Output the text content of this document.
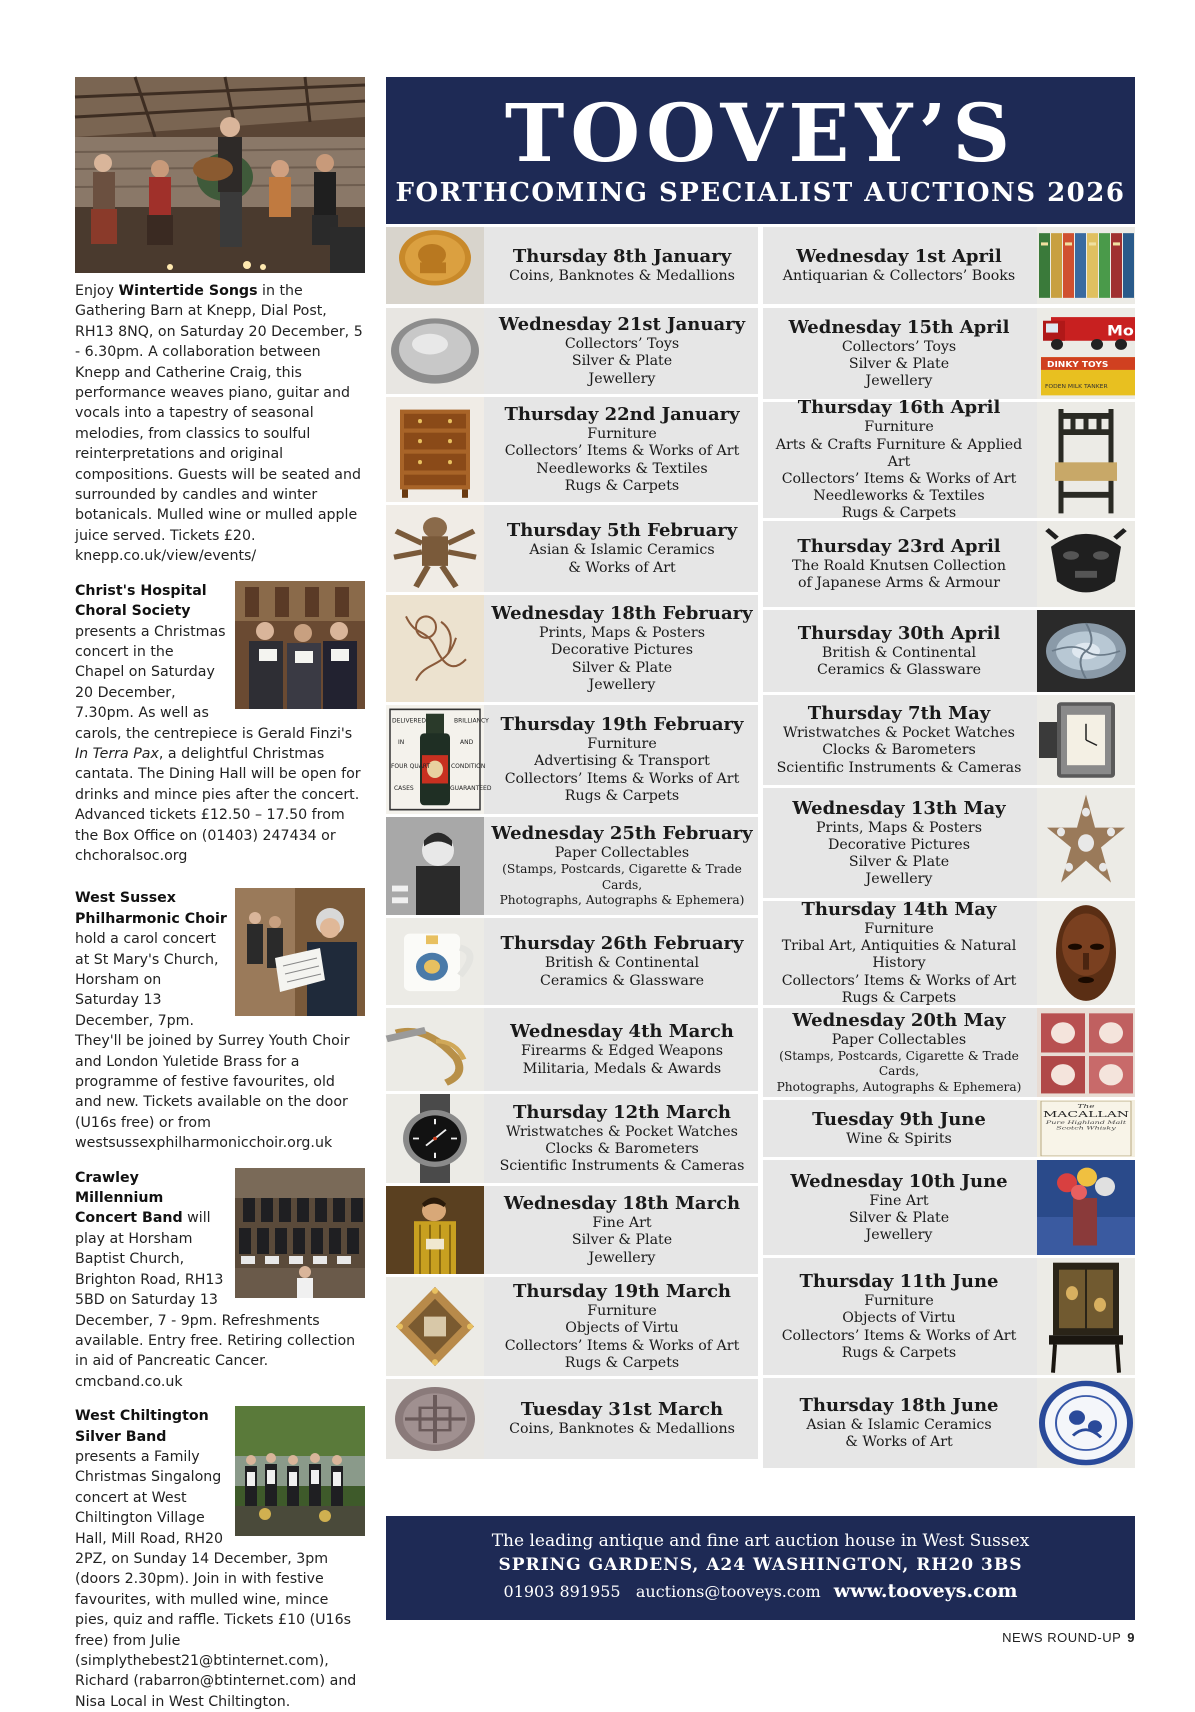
Enjoy Wintertide Songs in the Gathering Barn at Knepp, Dial Post, RH13 8NQ, on Saturday 20 December, 5 - 6.30pm. A collaboration between Knepp and Catherine Craig, this performance weaves piano, guitar and vocals into a tapestry of seasonal melodies, from classics to soulful reinterpretations and original compositions. Guests will be seated and surrounded by candles and winter botanicals. Mulled wine or mulled apple juice served. Tickets £20. knepp.co.uk/view/events/

Christ's Hospital Choral Society presents a Christmas concert in the Chapel on Saturday 20 December, 7.30pm. As well as carols, the centrepiece is Gerald Finzi's In Terra Pax, a delightful Christmas cantata. The Dining Hall will be open for drinks and mince pies after the concert. Advanced tickets £12.50 – 17.50 from the Box Office on (01403) 247434 or chchoralsoc.org

West Sussex Philharmonic Choir hold a carol concert at St Mary's Church, Horsham on Saturday 13 December, 7pm. They'll be joined by Surrey Youth Choir and London Yuletide Brass for a programme of festive favourites, old and new. Tickets available on the door (U16s free) or from westsussexphilharmonicchoir.org.uk

Crawley Millennium Concert Band will play at Horsham Baptist Church, Brighton Road, RH13 5BD on Saturday 13 December, 7 - 9pm. Refreshments available. Entry free. Retiring collection in aid of Pancreatic Cancer. cmcband.co.uk

West Chiltington Silver Band presents a Family Christmas Singalong concert at West Chiltington Village Hall, Mill Road, RH20 2PZ, on Sunday 14 December, 3pm (doors 2.30pm). Join in with festive favourites, with mulled wine, mince pies, quiz and raffle. Tickets £10 (U16s free) from Julie (simplythebest21@btinternet.com), Richard (rabarron@btinternet.com) and Nisa Local in West Chiltington.

TOOVEY’S
FORTHCOMING SPECIALIST AUCTIONS 2026
Thursday 8th January
Coins, Banknotes & Medallions
Wednesday 21st January
Collectors’ Toys
Silver & Plate
Jewellery
Thursday 22nd January
Furniture
Collectors’ Items & Works of Art
Needleworks & Textiles
Rugs & Carpets
Thursday 5th February
Asian & Islamic Ceramics
& Works of Art
Wednesday 18th February
Prints, Maps & Posters
Decorative Pictures
Silver & Plate
Jewellery
DELIVERED	BRILLIANCY
IN	AND
FOUR QUART	CONDITION
CASES	GUARANTEED
Thursday 19th February
Furniture
Advertising & Transport
Collectors’ Items & Works of Art
Rugs & Carpets
Wednesday 25th February
Paper Collectables
(Stamps, Postcards, Cigarette & Trade Cards,
Photographs, Autographs & Ephemera)
Thursday 26th February
British & Continental
Ceramics & Glassware
Wednesday 4th March
Firearms & Edged Weapons
Militaria, Medals & Awards
Thursday 12th March
Wristwatches & Pocket Watches
Clocks & Barometers
Scientific Instruments & Cameras
Wednesday 18th March
Fine Art
Silver & Plate
Jewellery
Thursday 19th March
Furniture
Objects of Virtu
Collectors’ Items & Works of Art
Rugs & Carpets
Tuesday 31st March
Coins, Banknotes & Medallions
Wednesday 1st April
Antiquarian & Collectors’ Books
Mo
DINKY TOYS
FODEN MILK TANKER
Wednesday 15th April
Collectors’ Toys
Silver & Plate
Jewellery
Thursday 16th April
Furniture
Arts & Crafts Furniture & Applied Art
Collectors’ Items & Works of Art
Needleworks & Textiles
Rugs & Carpets
Thursday 23rd April
The Roald Knutsen Collection
of Japanese Arms & Armour
Thursday 30th April
British & Continental
Ceramics & Glassware
Thursday 7th May
Wristwatches & Pocket Watches
Clocks & Barometers
Scientific Instruments & Cameras
Wednesday 13th May
Prints, Maps & Posters
Decorative Pictures
Silver & Plate
Jewellery
Thursday 14th May
Furniture
Tribal Art, Antiquities & Natural History
Collectors’ Items & Works of Art
Rugs & Carpets
Wednesday 20th May
Paper Collectables
(Stamps, Postcards, Cigarette & Trade Cards,
Photographs, Autographs & Ephemera)
The
MACALLAN
Pure Highland Malt
Scotch Whisky
Tuesday 9th June
Wine & Spirits
Wednesday 10th June
Fine Art
Silver & Plate
Jewellery
Thursday 11th June
Furniture
Objects of Virtu
Collectors’ Items & Works of Art
Rugs & Carpets
Thursday 18th June
Asian & Islamic Ceramics
& Works of Art
The leading antique and fine art auction house in West Sussex
SPRING GARDENS, A24 WASHINGTON, RH20 3BS
01903 891955 auctions@tooveys.com www.tooveys.com
NEWS ROUND-UP 9
